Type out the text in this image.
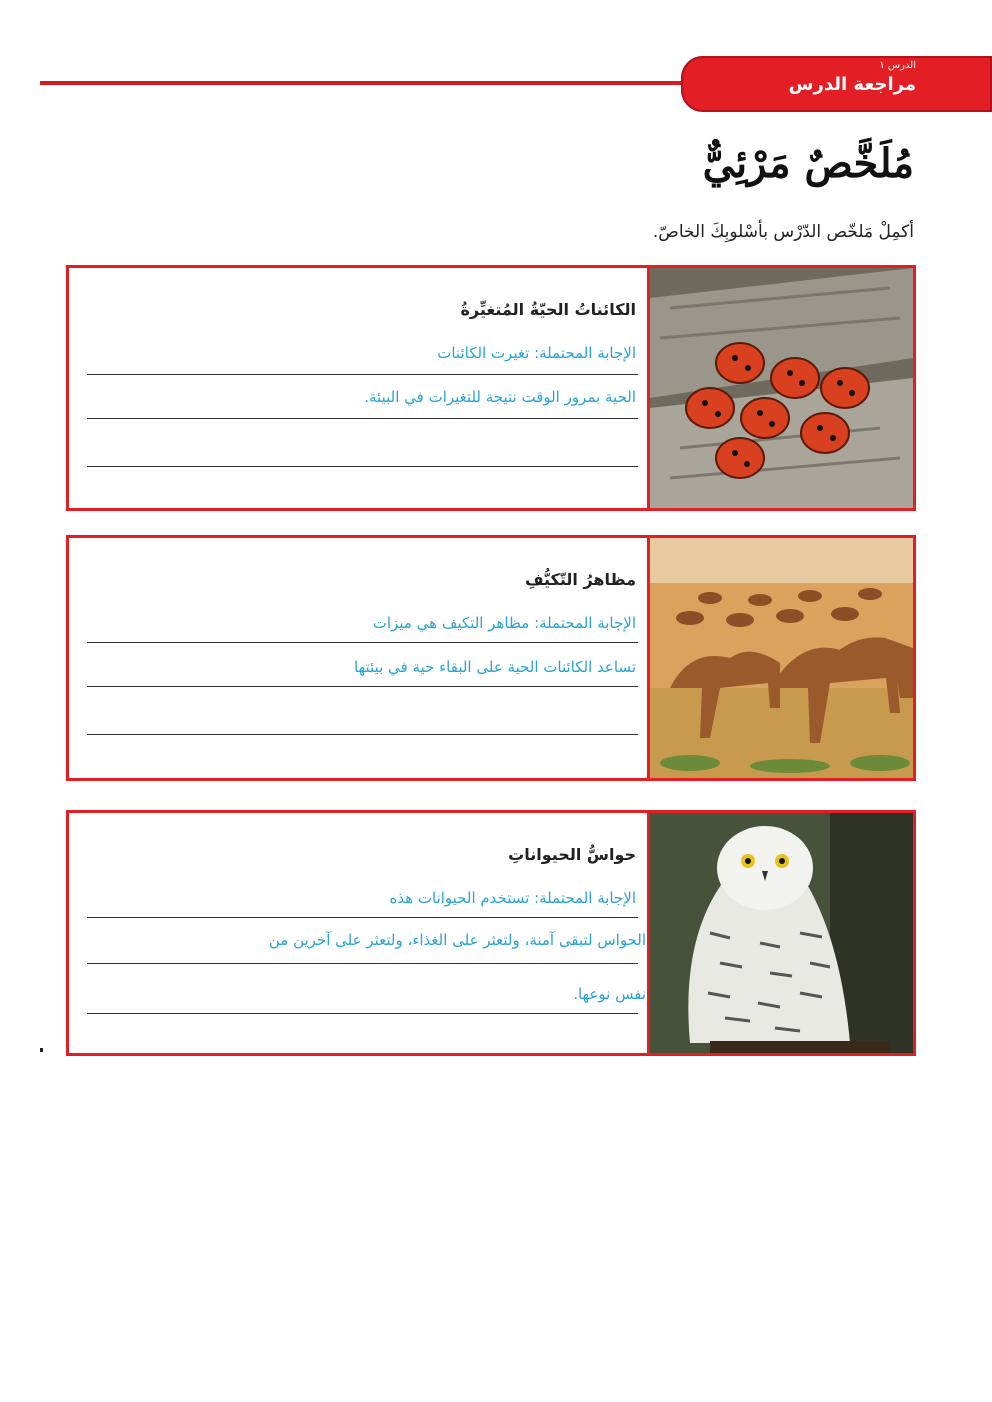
الدرس ١
مراجعة الدرس
مُلَخَّصٌ مَرْئِيٌّ
أكمِلْ مَلخّص الدّرْس بأسْلوبِكَ الخاصّ.
الكائناتُ الحيّةُ المُتغيِّرةُ
الإجابة المحتملة: تغيرت الكائنات
الحية بمرور الوقت نتيجة للتغيرات في البيئة.
مظاهرُ التّكيُّفِ
الإجابة المحتملة: مظاهر التكيف هي ميزات
تساعد الكائنات الحية على البقاء حية في بيئتها
حواسُّ الحيواناتِ
الإجابة المحتملة: تستخدم الحيوانات هذه
الحواس لتبقى آمنة، ولتعثر على الغذاء، ولتعثر على آخرين من
نفس نوعها.
